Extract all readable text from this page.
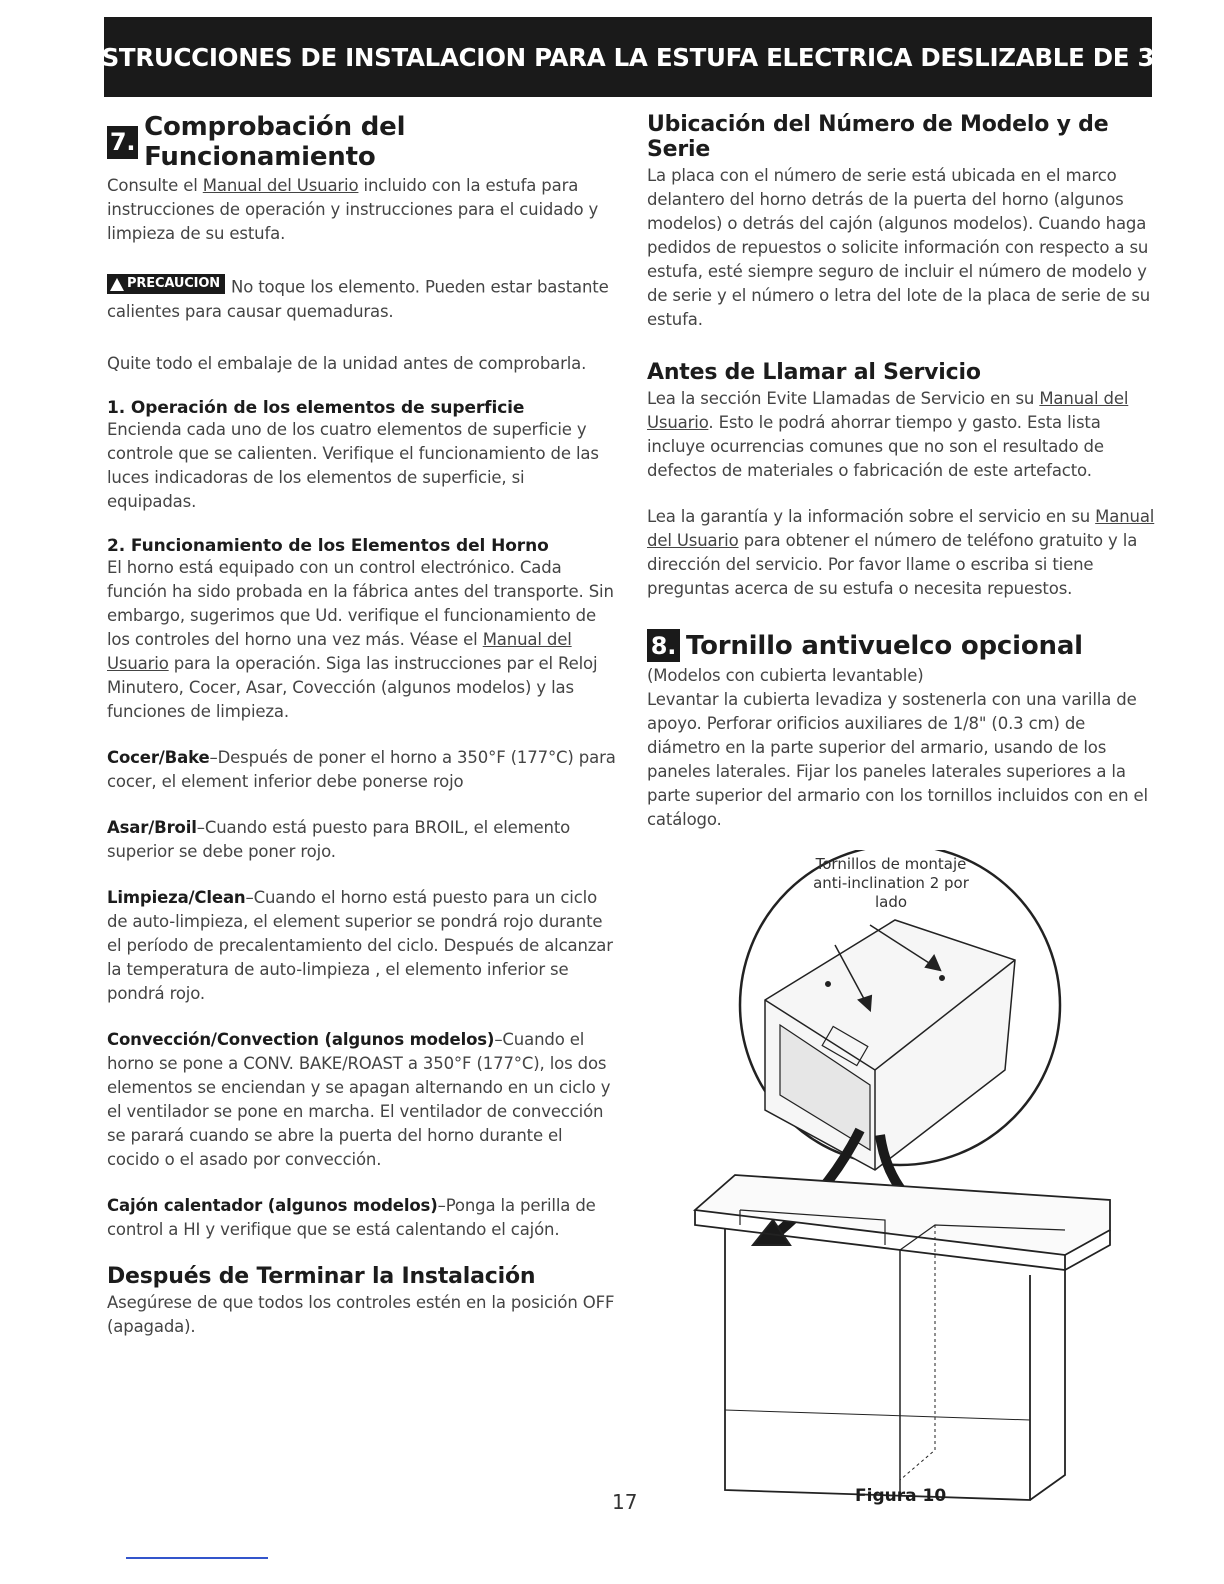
INSTRUCCIONES DE INSTALACION PARA LA ESTUFA ELECTRICA DESLIZABLE DE 30"
7. Comprobación del Funcionamiento

Consulte el Manual del Usuario incluido con la estufa para instrucciones de operación y instrucciones para el cuidado y limpieza de su estufa.

PRECAUCION No toque los elemento. Pueden estar bastante calientes para causar quemaduras.

Quite todo el embalaje de la unidad antes de comprobarla.

1. Operación de los elementos de superficie

Encienda cada uno de los cuatro elementos de superficie y controle que se calienten. Verifique el funcionamiento de las luces indicadoras de los elementos de superficie, si equipadas.

2. Funcionamiento de los Elementos del Horno

El horno está equipado con un control electrónico. Cada función ha sido probada en la fábrica antes del transporte. Sin embargo, sugerimos que Ud. verifique el funcionamiento de los controles del horno una vez más. Véase el Manual del Usuario para la operación. Siga las instrucciones par el Reloj Minutero, Cocer, Asar, Covección (algunos modelos) y las funciones de limpieza.

Cocer/Bake–Después de poner el horno a 350°F (177°C) para cocer, el element inferior debe ponerse rojo

Asar/Broil–Cuando está puesto para BROIL, el elemento superior se debe poner rojo.

Limpieza/Clean–Cuando el horno está puesto para un ciclo de auto-limpieza, el element superior se pondrá rojo durante el período de precalentamiento del ciclo. Después de alcanzar la temperatura de auto-limpieza , el elemento inferior se pondrá rojo.

Convección/Convection (algunos modelos)–Cuando el horno se pone a CONV. BAKE/ROAST a 350°F (177°C), los dos elementos se enciendan y se apagan alternando en un ciclo y el ventilador se pone en marcha. El ventilador de convección se parará cuando se abre la puerta del horno durante el cocido o el asado por convección.

Cajón calentador (algunos modelos)–Ponga la perilla de control a HI y verifique que se está calentando el cajón.

Después de Terminar la Instalación

Asegúrese de que todos los controles estén en la posición OFF (apagada).

Ubicación del Número de Modelo y de Serie

La placa con el número de serie está ubicada en el marco delantero del horno detrás de la puerta del horno (algunos modelos) o detrás del cajón (algunos modelos). Cuando haga pedidos de repuestos o solicite información con respecto a su estufa, esté siempre seguro de incluir el número de modelo y de serie y el número o letra del lote de la placa de serie de su estufa.

Antes de Llamar al Servicio

Lea la sección Evite Llamadas de Servicio en su Manual del Usuario. Esto le podrá ahorrar tiempo y gasto. Esta lista incluye ocurrencias comunes que no son el resultado de defectos de materiales o fabricación de este artefacto.

Lea la garantía y la información sobre el servicio en su Manual del Usuario para obtener el número de teléfono gratuito y la dirección del servicio. Por favor llame o escriba si tiene preguntas acerca de su estufa o necesita repuestos.

8. Tornillo antivuelco opcional

(Modelos con cubierta levantable)

Levantar la cubierta levadiza y sostenerla con una varilla de apoyo. Perforar orificios auxiliares de 1/8" (0.3 cm) de diámetro en la parte superior del armario, usando de los paneles laterales. Fijar los paneles laterales superiores a la parte superior del armario con los tornillos incluidos con en el catálogo.

Tornillos de montaje anti-inclination 2 por lado
17	Figura 10
